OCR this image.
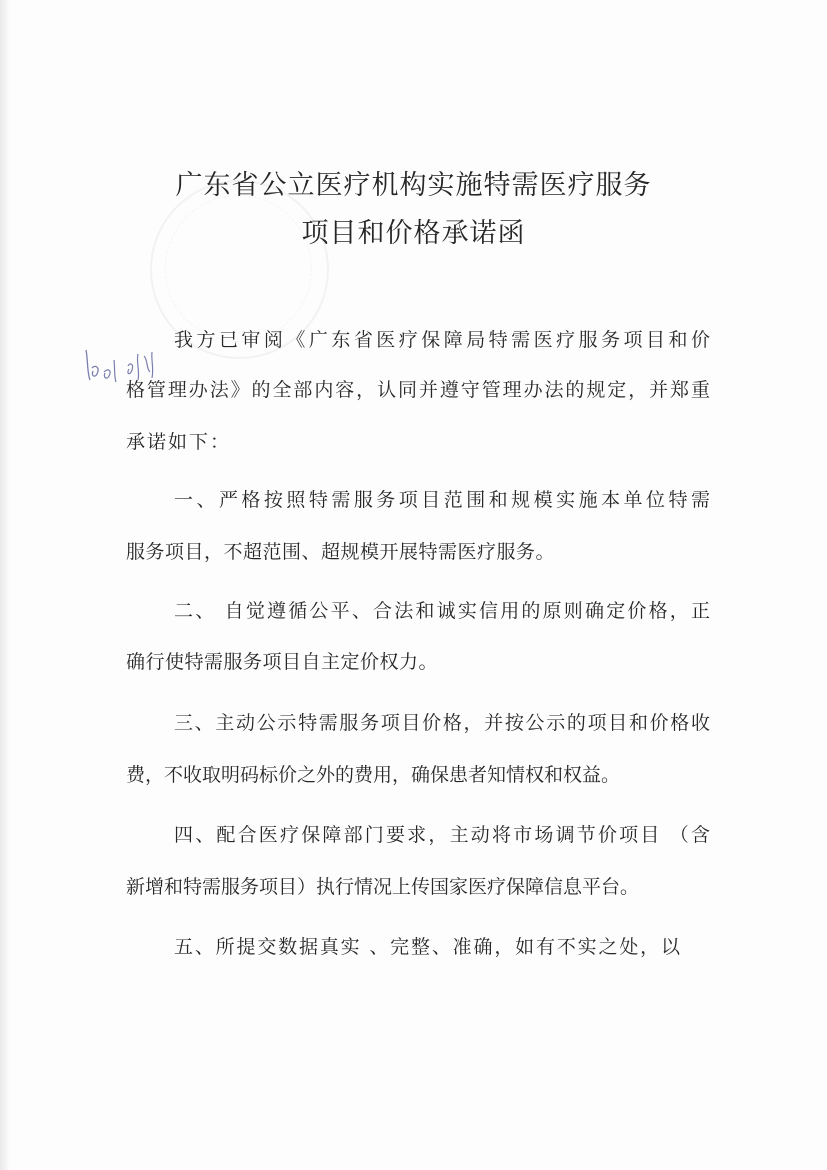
广东省公立医疗机构实施特需医疗服务
项目和价格承诺函

我方已审阅《广东省医疗保障局特需医疗服务项目和价

格管理办法》的全部内容，认同并遵守管理办法的规定，并郑重

承诺如下：

一、严格按照特需服务项目范围和规模实施本单位特需

服务项目，不超范围、超规模开展特需医疗服务。

二、 自觉遵循公平、合法和诚实信用的原则确定价格，正

确行使特需服务项目自主定价权力。

三、主动公示特需服务项目价格，并按公示的项目和价格收

费，不收取明码标价之外的费用，确保患者知情权和权益。

四、配合医疗保障部门要求，主动将市场调节价项目 （含

新增和特需服务项目）执行情况上传国家医疗保障信息平台。

五、所提交数据真实 、完整、准确，如有不实之处，以
